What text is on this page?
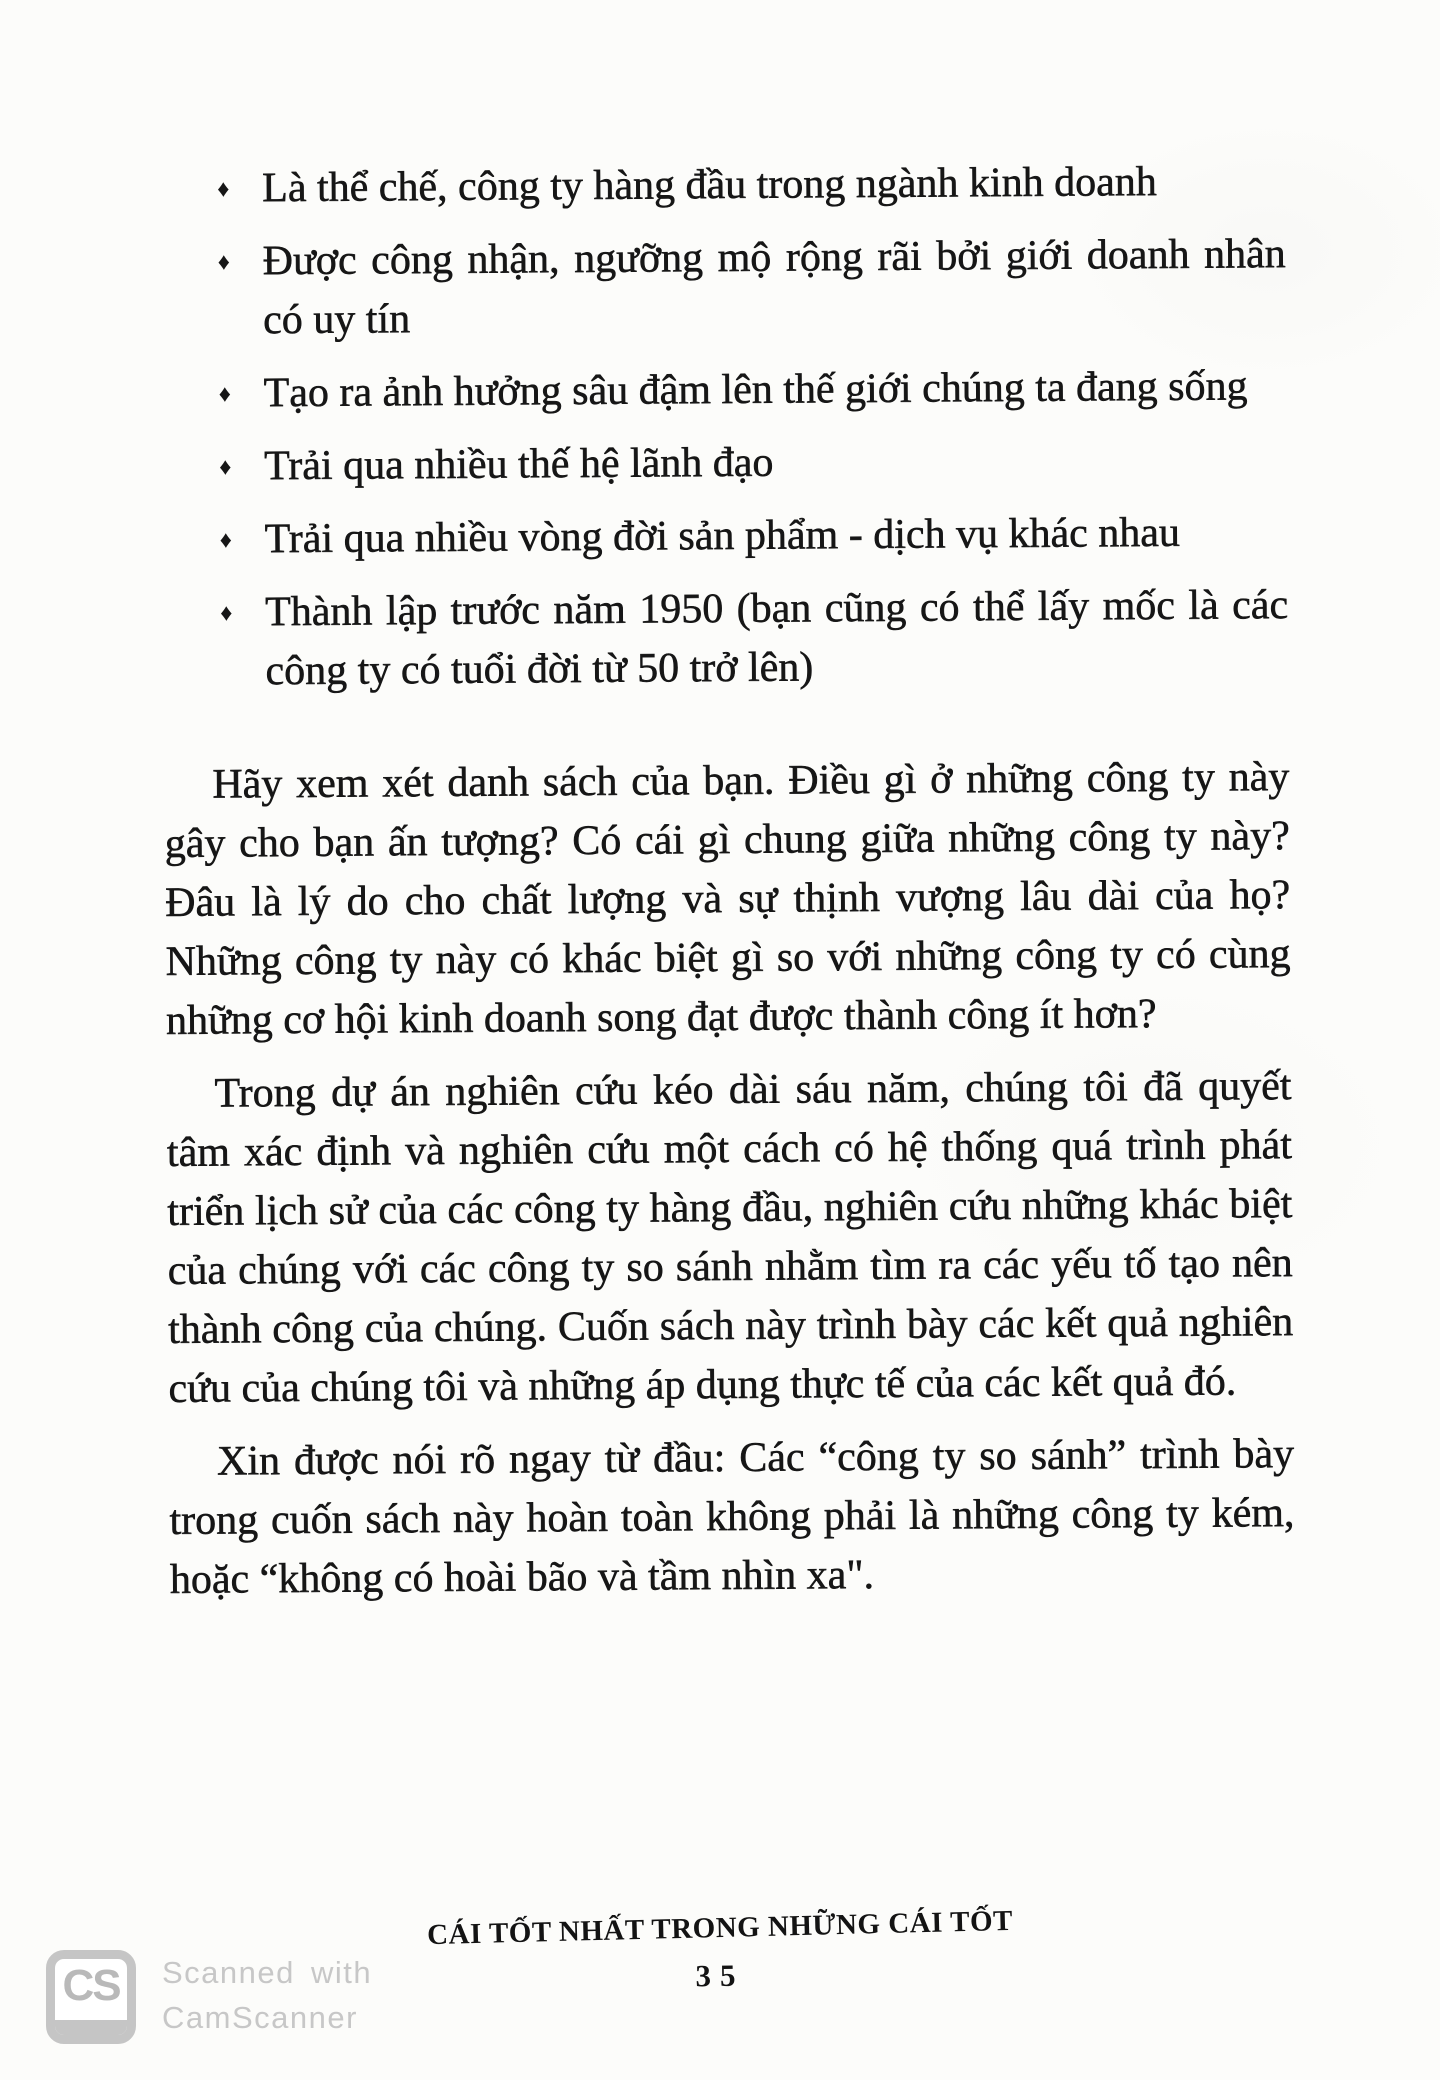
♦ Là thể chế, công ty hàng đầu trong ngành kinh doanh
♦ Được công nhận, ngưỡng mộ rộng rãi bởi giới doanh nhân có uy tín
♦ Tạo ra ảnh hưởng sâu đậm lên thế giới chúng ta đang sống
♦ Trải qua nhiều thế hệ lãnh đạo
♦ Trải qua nhiều vòng đời sản phẩm - dịch vụ khác nhau
♦ Thành lập trước năm 1950 (bạn cũng có thể lấy mốc là các công ty có tuổi đời từ 50 trở lên)

Hãy xem xét danh sách của bạn. Điều gì ở những công ty này gây cho bạn ấn tượng? Có cái gì chung giữa những công ty này? Đâu là lý do cho chất lượng và sự thịnh vượng lâu dài của họ? Những công ty này có khác biệt gì so với những công ty có cùng những cơ hội kinh doanh song đạt được thành công ít hơn?

Trong dự án nghiên cứu kéo dài sáu năm, chúng tôi đã quyết tâm xác định và nghiên cứu một cách có hệ thống quá trình phát triển lịch sử của các công ty hàng đầu, nghiên cứu những khác biệt của chúng với các công ty so sánh nhằm tìm ra các yếu tố tạo nên thành công của chúng. Cuốn sách này trình bày các kết quả nghiên cứu của chúng tôi và những áp dụng thực tế của các kết quả đó.

Xin được nói rõ ngay từ đầu: Các “công ty so sánh” trình bày trong cuốn sách này hoàn toàn không phải là những công ty kém, hoặc “không có hoài bão và tầm nhìn xa".

CÁI TỐT NHẤT TRONG NHỮNG CÁI TỐT
35
CS Scanned with
CamScanner
